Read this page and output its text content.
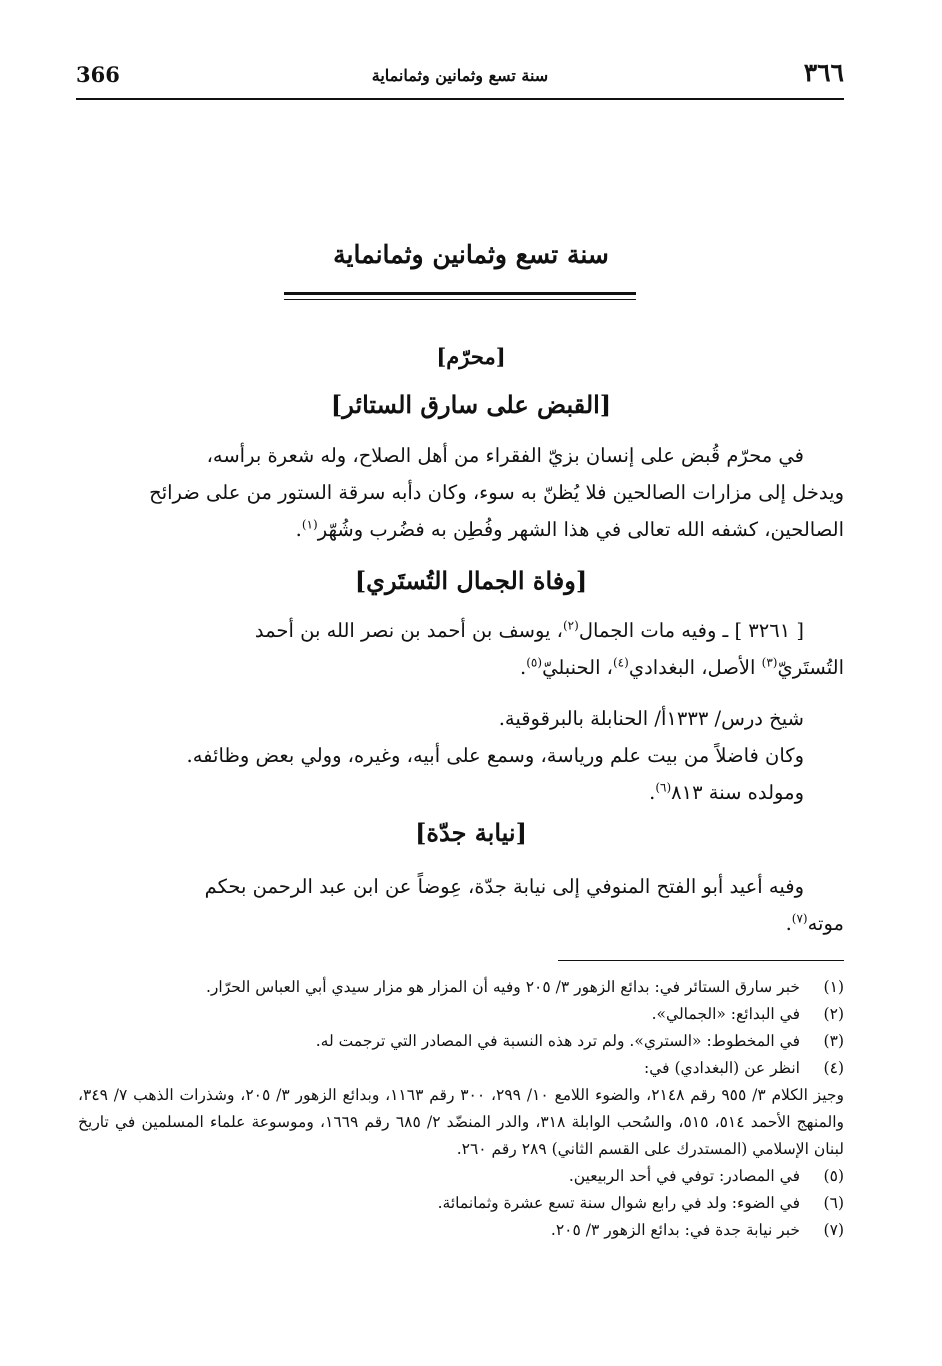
366	سنة تسع وثمانين وثمانماية	٣٦٦
سنة تسع وثمانين وثمانماية
[محرّم]
[القبض على سارق الستائر]
في محرّم قُبض على إنسان بزيّ الفقراء من أهل الصلاح، وله شعرة برأسه،
ويدخل إلى مزارات الصالحين فلا يُظنّ به سوء، وكان دأبه سرقة الستور من على ضرائح
الصالحين، كشفه الله تعالى في هذا الشهر وفُطِن به فضُرب وشُهّر$^{(١)}$.
[وفاة الجمال التُستَري]
[ ٣٢٦١ ] ـ وفيه مات الجمال$^{(٢)}$، يوسف بن أحمد بن نصر الله بن أحمد
التُستَريّ$^{(٣)}$ الأصل، البغدادي$^{(٤)}$، الحنبليّ$^{(٥)}$.
شيخ درس/ ١٣٣٣أ/ الحنابلة بالبرقوقية.
وكان فاضلاً من بيت علم ورياسة، وسمع على أبيه، وغيره، وولي بعض وظائفه.
ومولده سنة ٨١٣$^{(٦)}$.
[نيابة جدّة]
وفيه أعيد أبو الفتح المنوفي إلى نيابة جدّة، عِوضاً عن ابن عبد الرحمن بحكم
موته$^{(٧)}$.
(١)
خبر سارق الستائر في: بدائع الزهور ٣/ ٢٠٥ وفيه أن المزار هو مزار سيدي أبي العباس الحرّار.
(٢)
في البدائع: «الجمالي».
(٣)
في المخطوط: «الستري». ولم ترد هذه النسبة في المصادر التي ترجمت له.
(٤)
انظر عن (البغدادي) في:
وجيز الكلام ٣/ ٩٥٥ رقم ٢١٤٨، والضوء اللامع ١٠/ ٢٩٩، ٣٠٠ رقم ١١٦٣، وبدائع الزهور ٣/ ٢٠٥، وشذرات الذهب ٧/ ٣٤٩، والمنهج الأحمد ٥١٤، ٥١٥، والسُحب الوابلة ٣١٨، والدر المنضّد ٢/ ٦٨٥ رقم ١٦٦٩، وموسوعة علماء المسلمين في تاريخ لبنان الإسلامي (المستدرك على القسم الثاني) ٢٨٩ رقم ٢٦٠.
(٥)
في المصادر: توفي في أحد الربيعين.
(٦)
في الضوء: ولد في رابع شوال سنة تسع عشرة وثمانمائة.
(٧)
خبر نيابة جدة في: بدائع الزهور ٣/ ٢٠٥.
